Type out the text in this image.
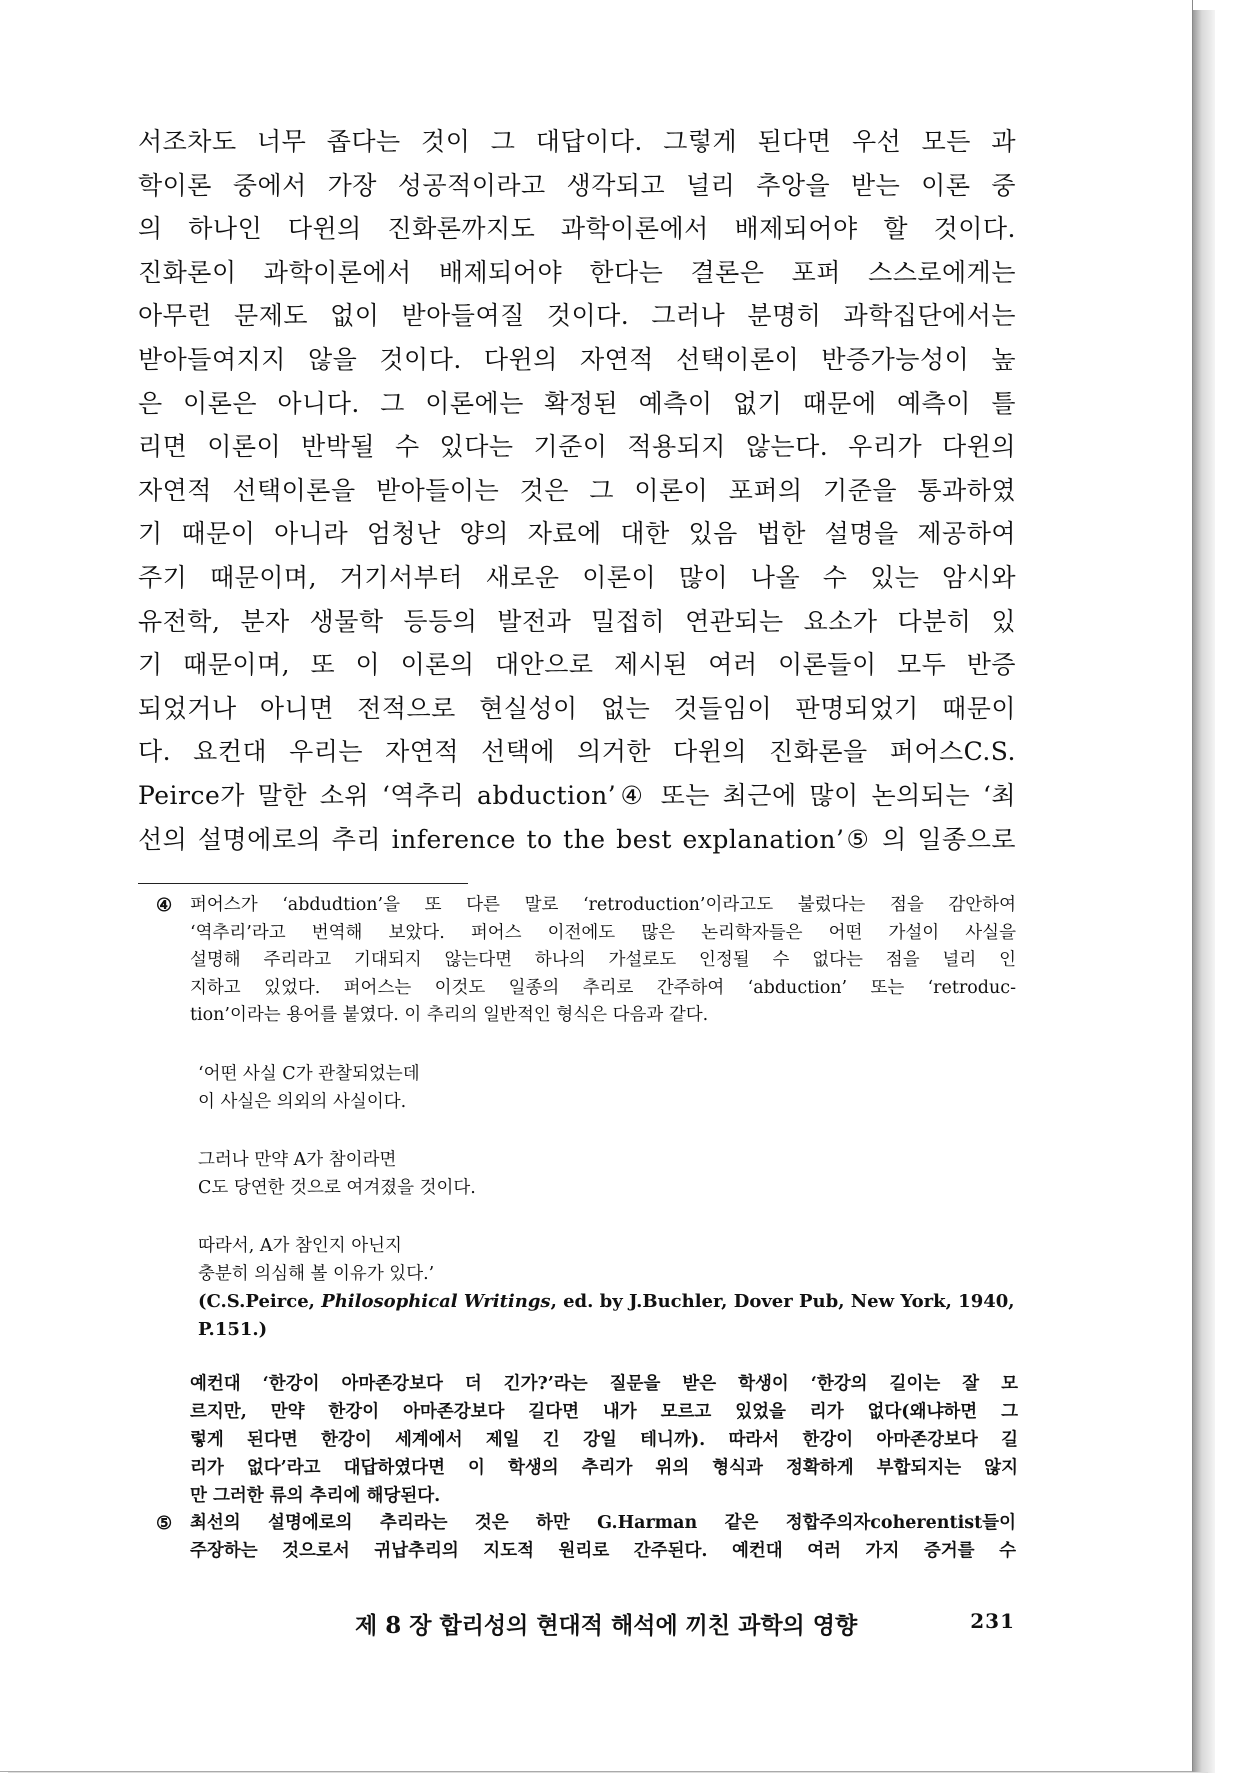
서조차도 너무 좁다는 것이 그 대답이다. 그렇게 된다면 우선 모든 과
학이론 중에서 가장 성공적이라고 생각되고 널리 추앙을 받는 이론 중
의 하나인 다윈의 진화론까지도 과학이론에서 배제되어야 할 것이다.
진화론이 과학이론에서 배제되어야 한다는 결론은 포퍼 스스로에게는
아무런 문제도 없이 받아들여질 것이다. 그러나 분명히 과학집단에서는
받아들여지지 않을 것이다. 다윈의 자연적 선택이론이 반증가능성이 높
은 이론은 아니다. 그 이론에는 확정된 예측이 없기 때문에 예측이 틀
리면 이론이 반박될 수 있다는 기준이 적용되지 않는다. 우리가 다윈의
자연적 선택이론을 받아들이는 것은 그 이론이 포퍼의 기준을 통과하였
기 때문이 아니라 엄청난 양의 자료에 대한 있음 법한 설명을 제공하여
주기 때문이며, 거기서부터 새로운 이론이 많이 나올 수 있는 암시와
유전학, 분자 생물학 등등의 발전과 밀접히 연관되는 요소가 다분히 있
기 때문이며, 또 이 이론의 대안으로 제시된 여러 이론들이 모두 반증
되었거나 아니면 전적으로 현실성이 없는 것들임이 판명되었기 때문이
다. 요컨대 우리는 자연적 선택에 의거한 다윈의 진화론을 퍼어스C.S.
Peirce가 말한 소위 ‘역추리 abduction’④ 또는 최근에 많이 논의되는 ‘최
선의 설명에로의 추리 inference to the best explanation’⑤ 의 일종으로
④ 퍼어스가 ‘abdudtion’을 또 다른 말로 ‘retroduction’이라고도 불렀다는 점을 감안하여
‘역추리’라고 번역해 보았다. 퍼어스 이전에도 많은 논리학자들은 어떤 가설이 사실을
설명해 주리라고 기대되지 않는다면 하나의 가설로도 인정될 수 없다는 점을 널리 인
지하고 있었다. 퍼어스는 이것도 일종의 추리로 간주하여 ‘abduction’ 또는 ‘retroduc-
tion’이라는 용어를 붙였다. 이 추리의 일반적인 형식은 다음과 같다.
‘어떤 사실 C가 관찰되었는데
이 사실은 의외의 사실이다.
그러나 만약 A가 참이라면
C도 당연한 것으로 여겨졌을 것이다.
따라서, A가 참인지 아닌지
충분히 의심해 볼 이유가 있다.’
(C.S.Peirce, Philosophical Writings, ed. by J.Buchler, Dover Pub, New York, 1940,
P.151.)
예컨대 ‘한강이 아마존강보다 더 긴가?’라는 질문을 받은 학생이 ‘한강의 길이는 잘 모
르지만, 만약 한강이 아마존강보다 길다면 내가 모르고 있었을 리가 없다(왜냐하면 그
렇게 된다면 한강이 세계에서 제일 긴 강일 테니까). 따라서 한강이 아마존강보다 길
리가 없다’라고 대답하였다면 이 학생의 추리가 위의 형식과 정확하게 부합되지는 않지
만 그러한 류의 추리에 해당된다.
⑤ 최선의 설명에로의 추리라는 것은 하만 G.Harman 같은 정합주의자coherentist들이
주장하는 것으로서 귀납추리의 지도적 원리로 간주된다. 예컨대 여러 가지 증거를 수
제 8 장 합리성의 현대적 해석에 끼친 과학의 영향	231
